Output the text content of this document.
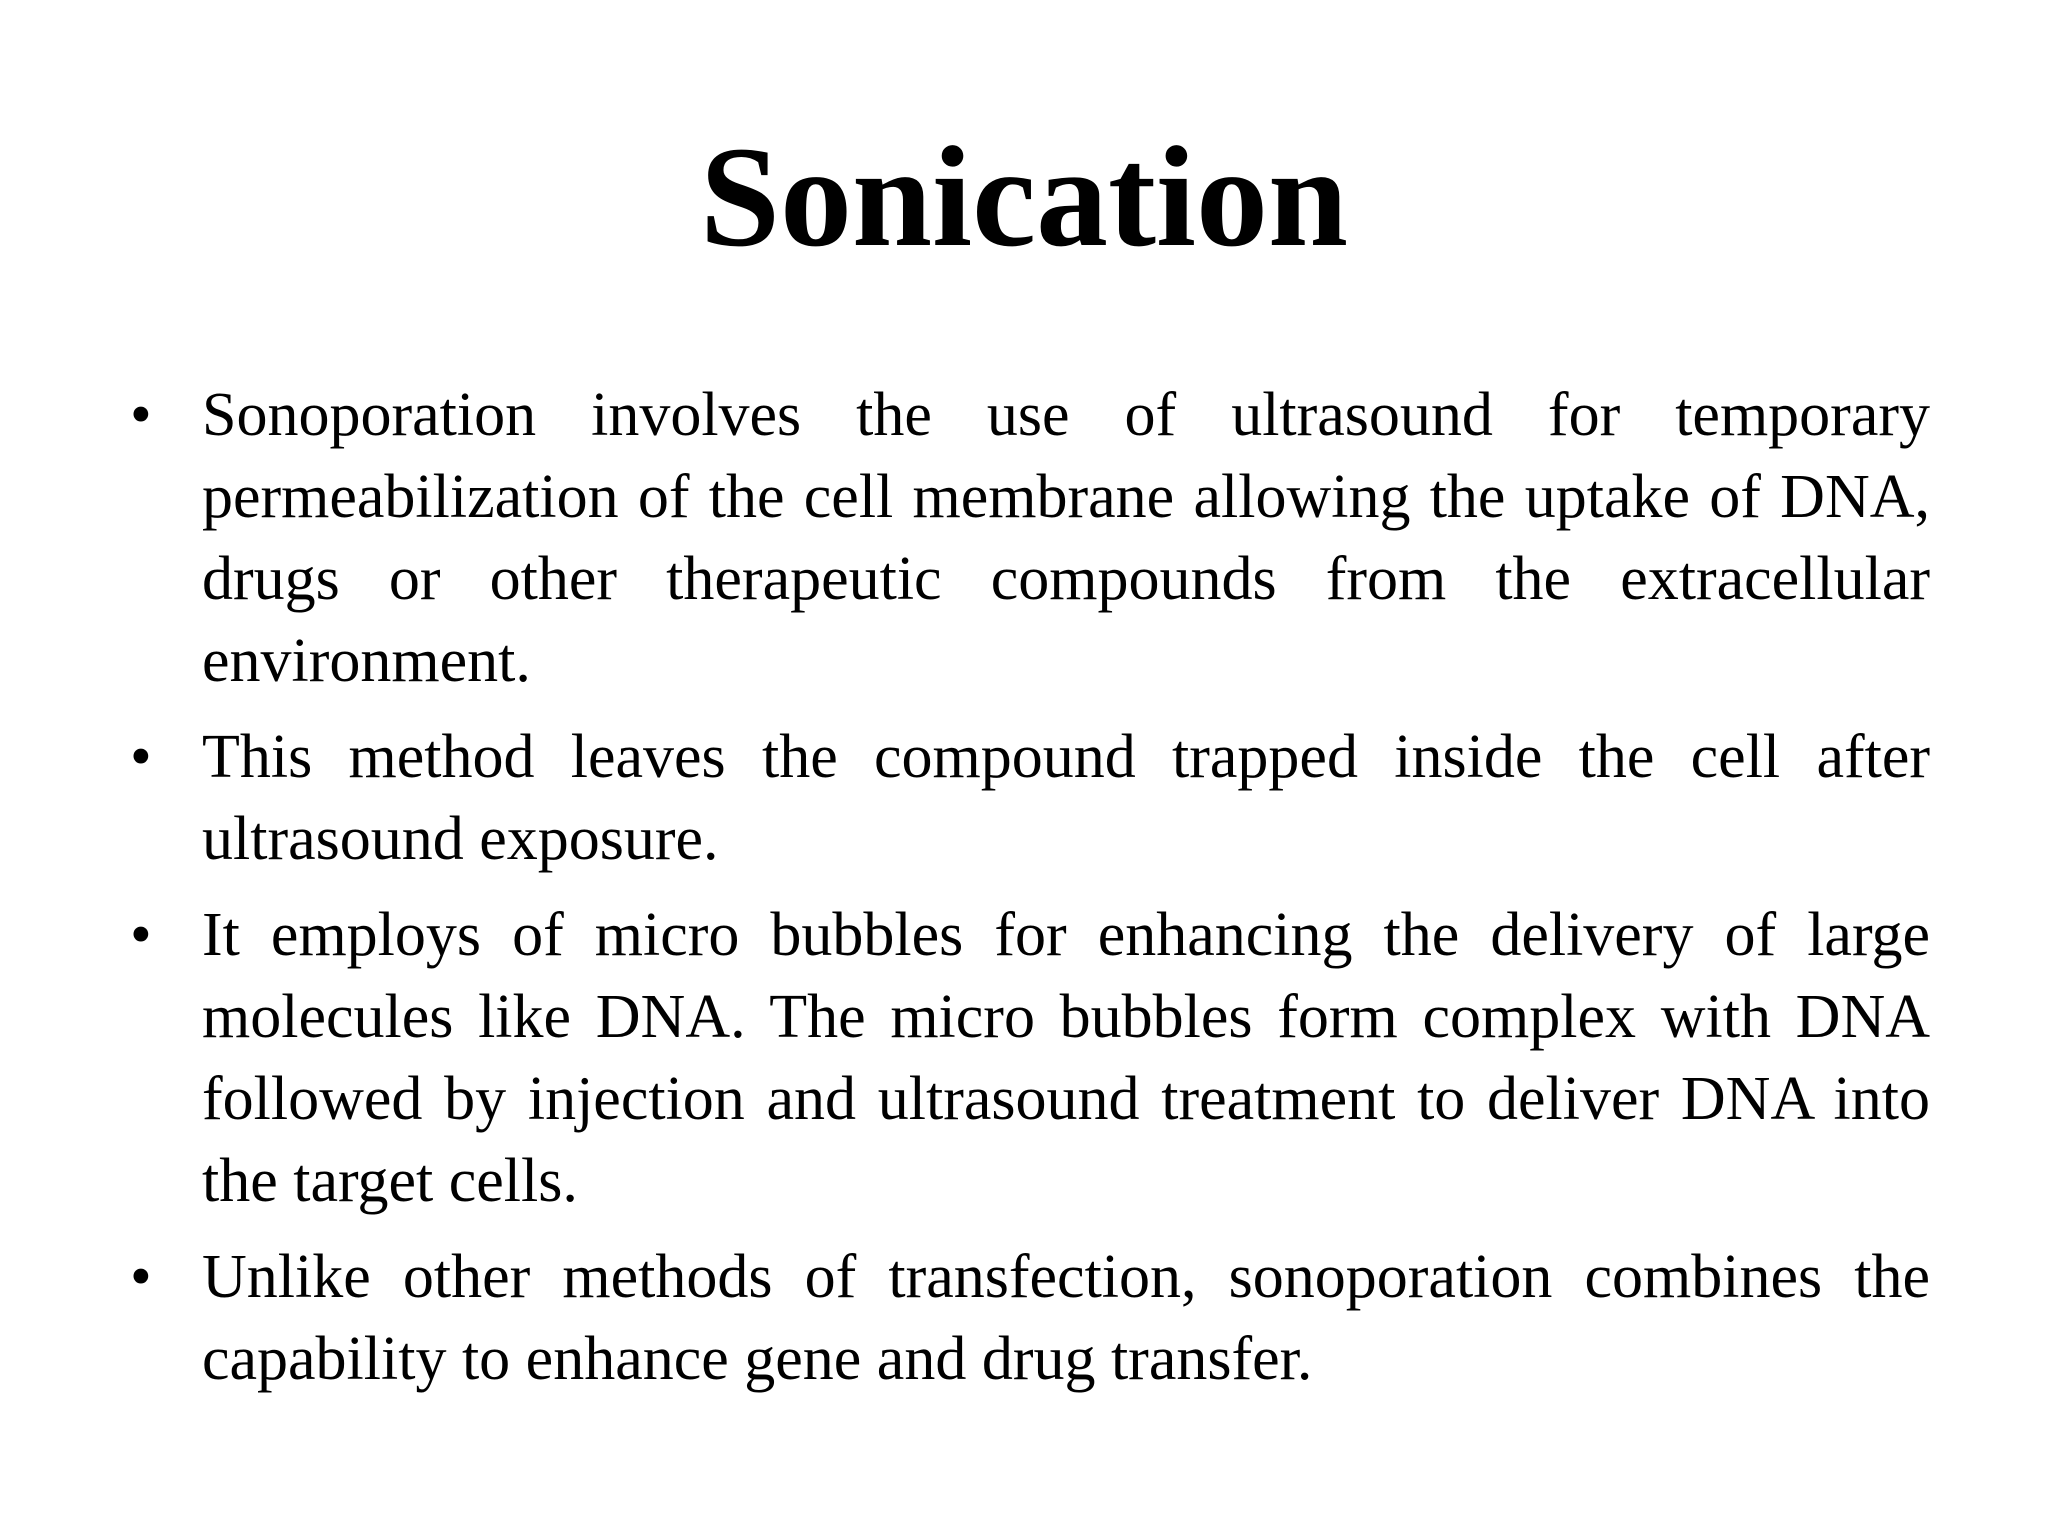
Sonication
• Sonoporation involves the use of ultrasound for temporary permeabilization of the cell membrane allowing the uptake of DNA, drugs or other therapeutic compounds from the extracellular environment.
• This method leaves the compound trapped inside the cell after ultrasound exposure.
• It employs of micro bubbles for enhancing the delivery of large molecules like DNA. The micro bubbles form complex with DNA followed by injection and ultrasound treatment to deliver DNA into the target cells.
• Unlike other methods of transfection, sonoporation combines the capability to enhance gene and drug transfer.
